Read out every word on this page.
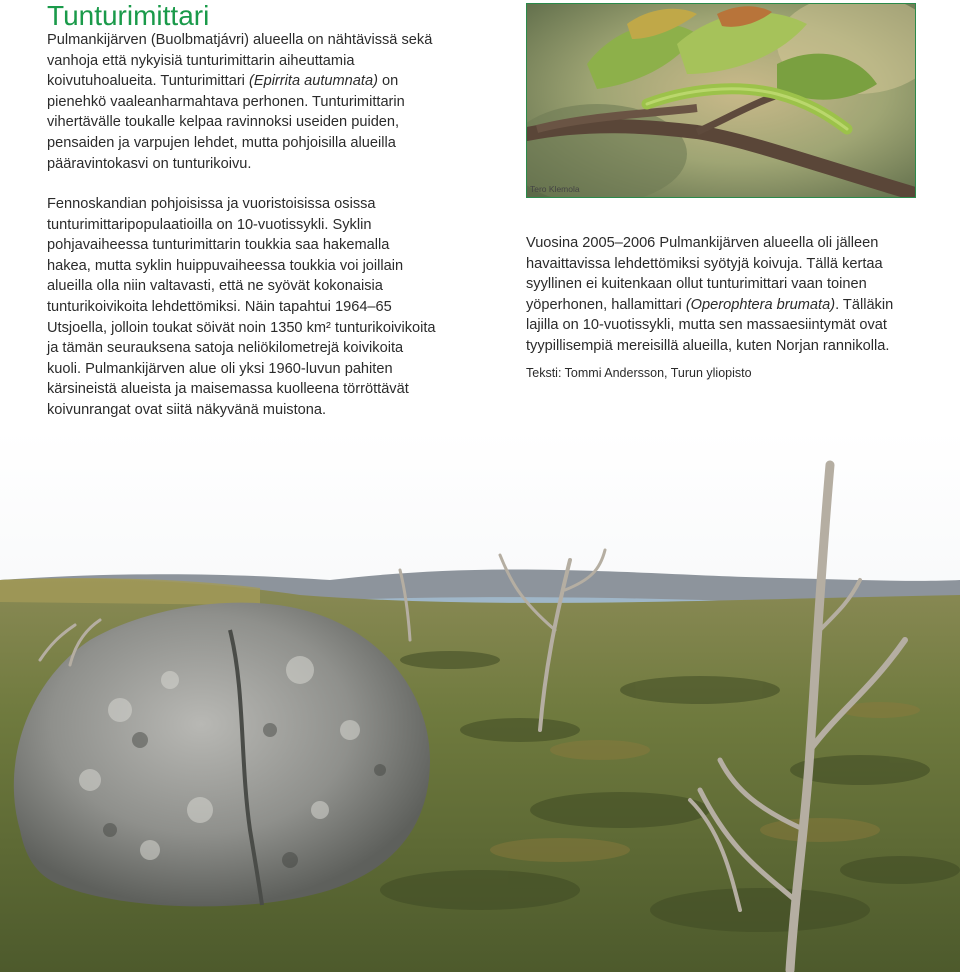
Tunturimittari

Pulmankijärven (Buolbmatjávri) alueella on nähtävissä sekä vanhoja että nykyisiä tunturimittarin aiheuttamia koivutuhoalueita. Tunturimittari (Epirrita autumnata) on pienehkö vaaleanharmahtava perhonen. Tunturimittarin vihertävälle toukalle kelpaa ravinnoksi useiden puiden, pensaiden ja varpujen lehdet, mutta pohjoisilla alueilla pääravintokasvi on tunturikoivu.

Fennoskandian pohjoisissa ja vuoristoisissa osissa tunturimittaripopulaatioilla on 10-vuotissykli. Syklin pohjavaiheessa tunturimittarin toukkia saa hakemalla hakea, mutta syklin huippuvaiheessa toukkia voi joillain alueilla olla niin valtavasti, että ne syövät kokonaisia tunturikoivikoita lehdettömiksi. Näin tapahtui 1964–65 Utsjoella, jolloin toukat söivät noin 1350 km² tunturikoivikoita ja tämän seurauksena satoja neliökilometrejä koivikoita kuoli. Pulmankijärven alue oli yksi 1960-luvun pahiten kärsineistä alueista ja maisemassa kuolleena törröttävät koivunrangat ovat siitä näkyvänä muistona.

Tero Klemola

Vuosina 2005–2006 Pulmankijärven alueella oli jälleen havaittavissa lehdettömiksi syötyjä koivuja. Tällä kertaa syyllinen ei kuitenkaan ollut tunturimittari vaan toinen yöperhonen, hallamittari (Operophtera brumata). Tälläkin lajilla on 10-vuotissykli, mutta sen massaesiintymät ovat tyypillisempiä mereisillä alueilla, kuten Norjan rannikolla.

Teksti: Tommi Andersson, Turun yliopisto
